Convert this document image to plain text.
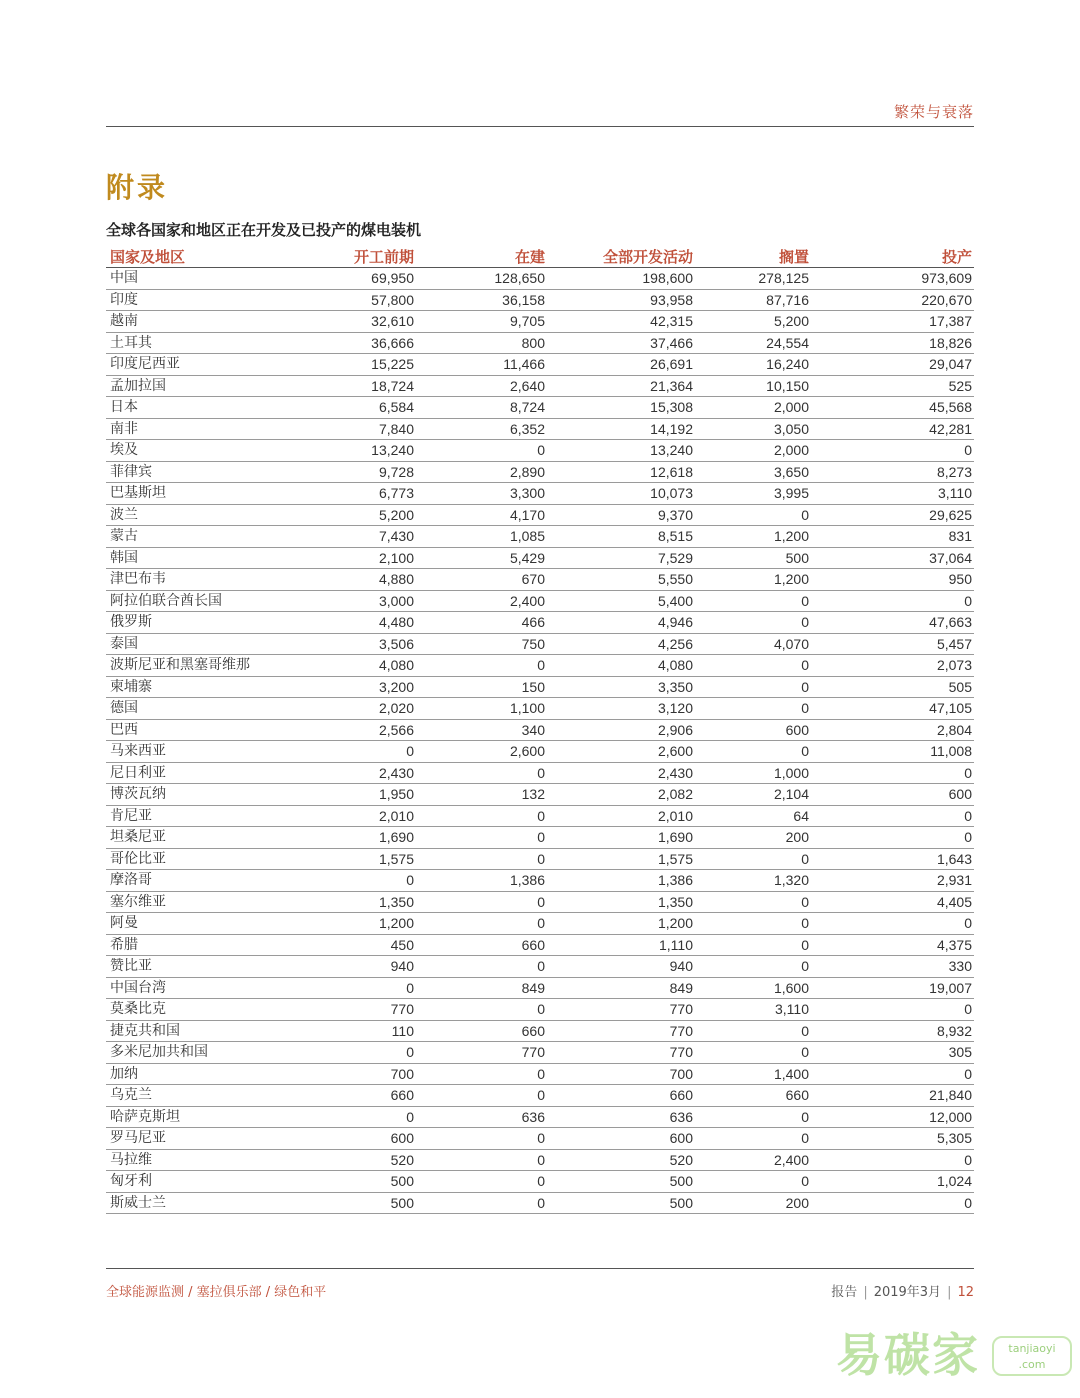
繁荣与衰落
附录
全球各国家和地区正在开发及已投产的煤电装机
国家及地区	开工前期	在建	全部开发活动	搁置	投产
中国	69,950	128,650	198,600	278,125	973,609
印度	57,800	36,158	93,958	87,716	220,670
越南	32,610	9,705	42,315	5,200	17,387
土耳其	36,666	800	37,466	24,554	18,826
印度尼西亚	15,225	11,466	26,691	16,240	29,047
孟加拉国	18,724	2,640	21,364	10,150	525
日本	6,584	8,724	15,308	2,000	45,568
南非	7,840	6,352	14,192	3,050	42,281
埃及	13,240	0	13,240	2,000	0
菲律宾	9,728	2,890	12,618	3,650	8,273
巴基斯坦	6,773	3,300	10,073	3,995	3,110
波兰	5,200	4,170	9,370	0	29,625
蒙古	7,430	1,085	8,515	1,200	831
韩国	2,100	5,429	7,529	500	37,064
津巴布韦	4,880	670	5,550	1,200	950
阿拉伯联合酋长国	3,000	2,400	5,400	0	0
俄罗斯	4,480	466	4,946	0	47,663
泰国	3,506	750	4,256	4,070	5,457
波斯尼亚和黑塞哥维那	4,080	0	4,080	0	2,073
柬埔寨	3,200	150	3,350	0	505
德国	2,020	1,100	3,120	0	47,105
巴西	2,566	340	2,906	600	2,804
马来西亚	0	2,600	2,600	0	11,008
尼日利亚	2,430	0	2,430	1,000	0
博茨瓦纳	1,950	132	2,082	2,104	600
肯尼亚	2,010	0	2,010	64	0
坦桑尼亚	1,690	0	1,690	200	0
哥伦比亚	1,575	0	1,575	0	1,643
摩洛哥	0	1,386	1,386	1,320	2,931
塞尔维亚	1,350	0	1,350	0	4,405
阿曼	1,200	0	1,200	0	0
希腊	450	660	1,110	0	4,375
赞比亚	940	0	940	0	330
中国台湾	0	849	849	1,600	19,007
莫桑比克	770	0	770	3,110	0
捷克共和国	110	660	770	0	8,932
多米尼加共和国	0	770	770	0	305
加纳	700	0	700	1,400	0
乌克兰	660	0	660	660	21,840
哈萨克斯坦	0	636	636	0	12,000
罗马尼亚	600	0	600	0	5,305
马拉维	520	0	520	2,400	0
匈牙利	500	0	500	0	1,024
斯威士兰	500	0	500	200	0
全球能源监测 / 塞拉俱乐部 / 绿色和平	报告 | 2019年3月 | 12
易碳家	tanjiaoyi
.com
